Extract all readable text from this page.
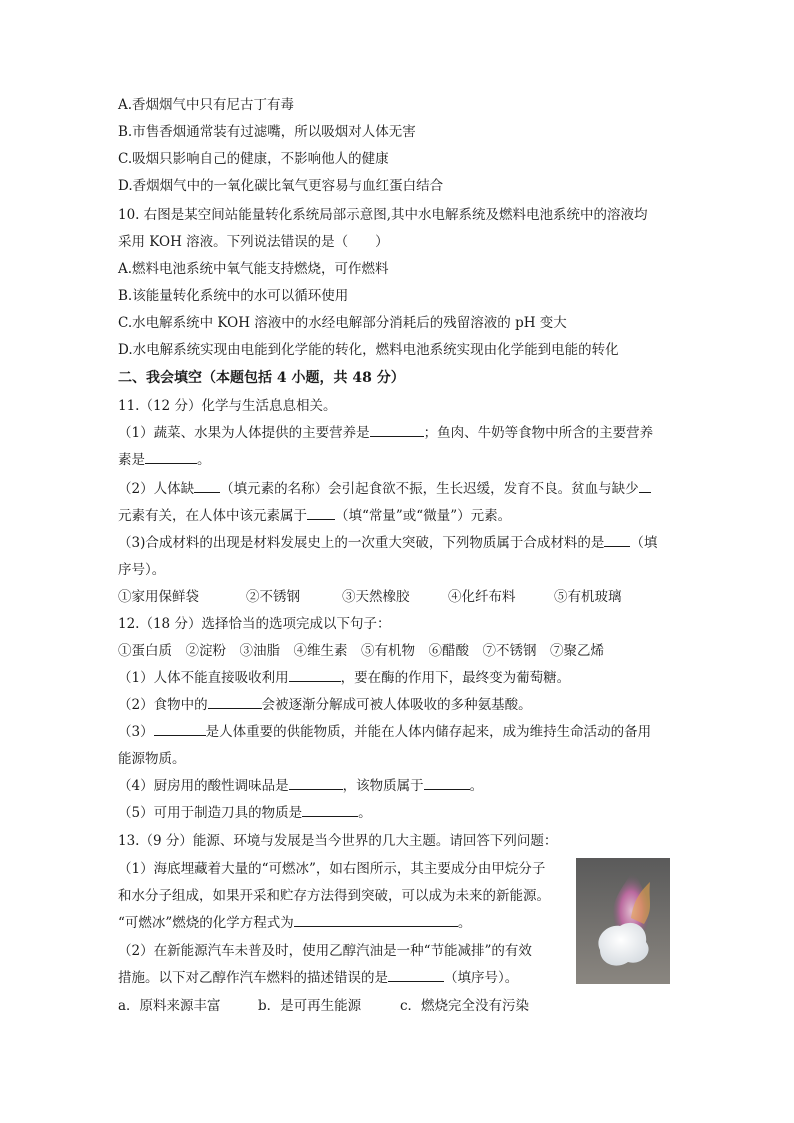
A.香烟烟气中只有尼古丁有毒
B.市售香烟通常装有过滤嘴，所以吸烟对人体无害
C.吸烟只影响自己的健康，不影响他人的健康
D.香烟烟气中的一氧化碳比氧气更容易与血红蛋白结合
10. 右图是某空间站能量转化系统局部示意图,其中水电解系统及燃料电池系统中的溶液均
采用 KOH 溶液。下列说法错误的是（　　）
A.燃料电池系统中氧气能支持燃烧，可作燃料
B.该能量转化系统中的水可以循环使用
C.水电解系统中 KOH 溶液中的水经电解部分消耗后的残留溶液的 pH 变大
D.水电解系统实现由电能到化学能的转化，燃料电池系统实现由化学能到电能的转化
二、我会填空（本题包括 4 小题，共 48 分）
11.（12 分）化学与生活息息相关。
（1）蔬菜、水果为人体提供的主要营养是	；鱼肉、牛奶等食物中所含的主要营养
素是	。
（2）人体缺 （填元素的名称）会引起食欲不振，生长迟缓，发育不良。贫血与缺少
元素有关，在人体中该元素属于 （填“常量”或“微量”）元素。
（3)合成材料的出现是材料发展史上的一次重大突破，下列物质属于合成材料的是 （填
序号）。
①家用保鲜袋	②不锈钢	③天然橡胶	④化纤布料	⑤有机玻璃
12.（18 分）选择恰当的选项完成以下句子：
①蛋白质　②淀粉　③油脂　④维生素　⑤有机物　⑥醋酸　⑦不锈钢　⑦聚乙烯
（1）人体不能直接吸收利用	，要在酶的作用下，最终变为葡萄糖。
（2）食物中的	会被逐渐分解成可被人体吸收的多种氨基酸。
（3）	是人体重要的供能物质，并能在人体内储存起来，成为维持生命活动的备用
能源物质。
（4）厨房用的酸性调味品是	，该物质属于	。
（5）可用于制造刀具的物质是	。
13.（9 分）能源、环境与发展是当今世界的几大主题。请回答下列问题：
（1）海底埋藏着大量的“可燃冰”，如右图所示，其主要成分由甲烷分子
和水分子组成，如果开采和贮存方法得到突破，可以成为未来的新能源。
“可燃冰”燃烧的化学方程式为	。
（2）在新能源汽车未普及时，使用乙醇汽油是一种“节能减排”的有效
措施。以下对乙醇作汽车燃料的描述错误的是	（填序号）。
a．原料来源丰富	b．是可再生能源	c．燃烧完全没有污染
